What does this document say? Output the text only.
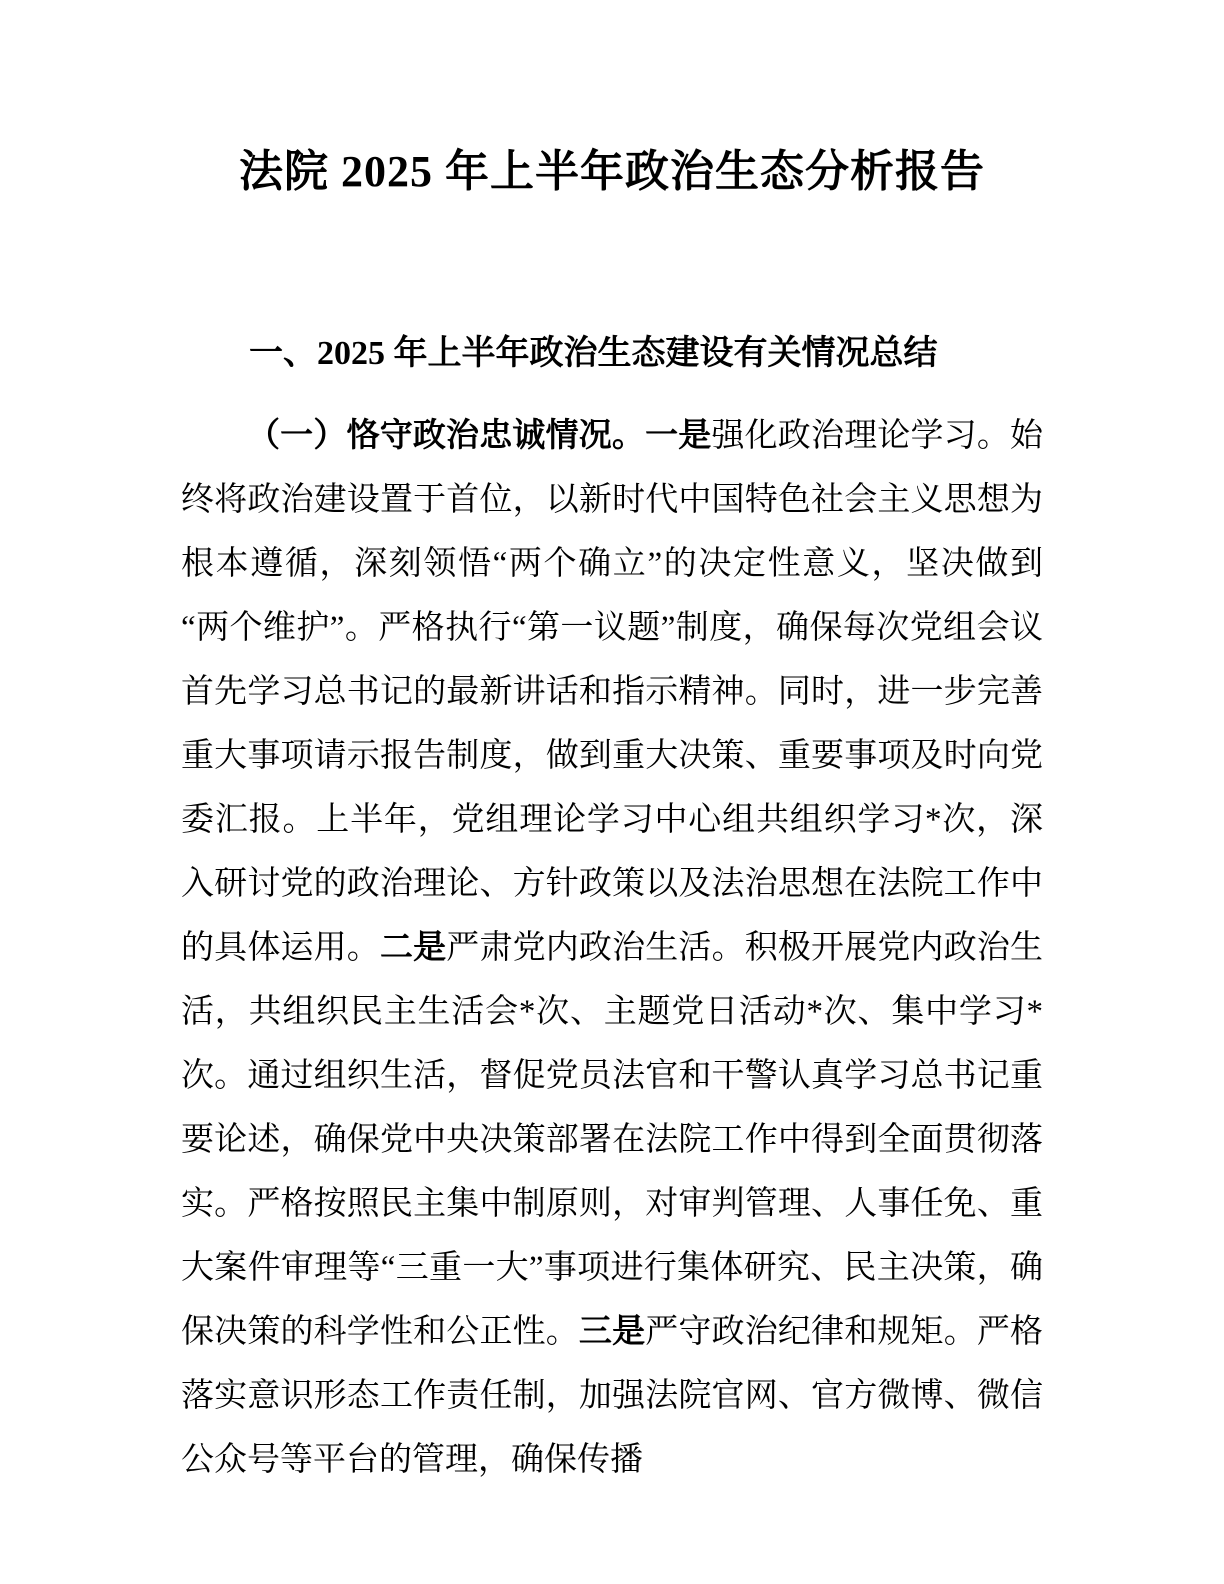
法院 2025 年上半年政治生态分析报告
一、2025 年上半年政治生态建设有关情况总结

（一）恪守政治忠诚情况。一是强化政治理论学习。始终将政治建设置于首位，以新时代中国特色社会主义思想为根本遵循，深刻领悟“两个确立”的决定性意义，坚决做到“两个维护”。严格执行“第一议题”制度，确保每次党组会议首先学习总书记的最新讲话和指示精神。同时，进一步完善重大事项请示报告制度，做到重大决策、重要事项及时向党委汇报。上半年，党组理论学习中心组共组织学习*次，深入研讨党的政治理论、方针政策以及法治思想在法院工作中的具体运用。二是严肃党内政治生活。积极开展党内政治生活，共组织民主生活会*次、主题党日活动*次、集中学习*次。通过组织生活，督促党员法官和干警认真学习总书记重要论述，确保党中央决策部署在法院工作中得到全面贯彻落实。严格按照民主集中制原则，对审判管理、人事任免、重大案件审理等“三重一大”事项进行集体研究、民主决策，确保决策的科学性和公正性。三是严守政治纪律和规矩。严格落实意识形态工作责任制，加强法院官网、官方微博、微信公众号等平台的管理，确保传播
